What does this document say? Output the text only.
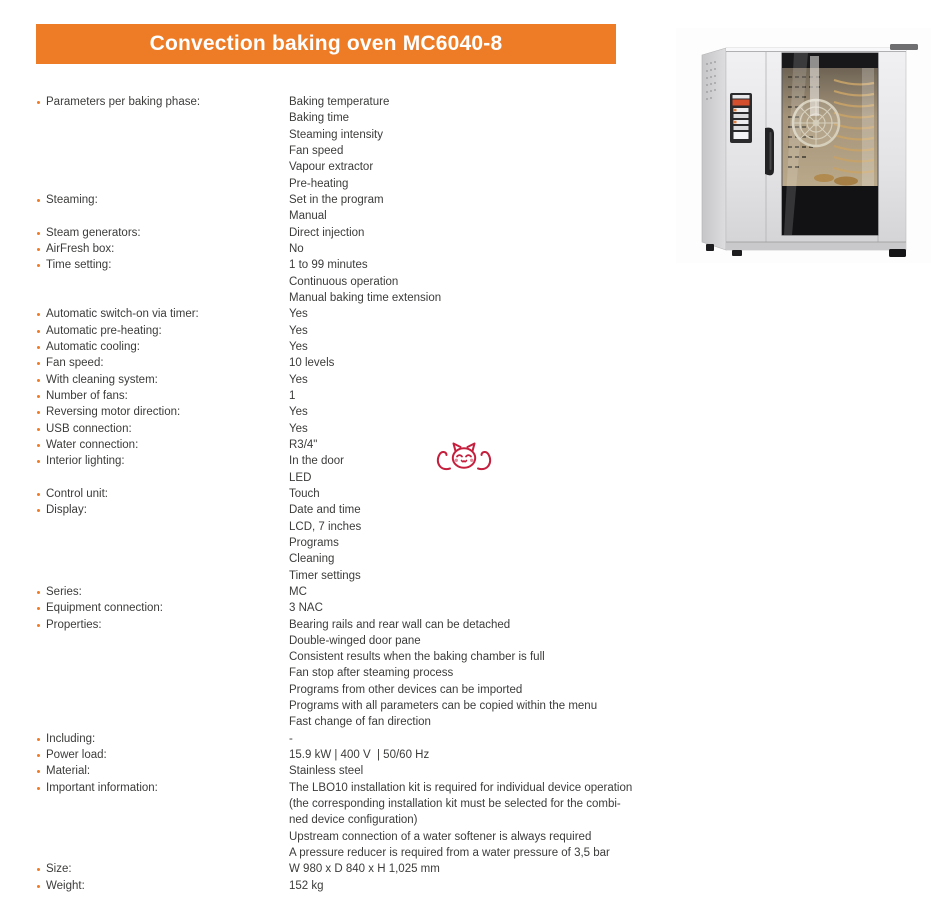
Convection baking oven MC6040-8
Parameters per baking phase:	Baking temperature
Baking time
Steaming intensity
Fan speed
Vapour extractor
Pre-heating
Steaming:	Set in the program
Manual
Steam generators:	Direct injection
AirFresh box:	No
Time setting:	1 to 99 minutes
Continuous operation
Manual baking time extension
Automatic switch-on via timer:	Yes
Automatic pre-heating:	Yes
Automatic cooling:	Yes
Fan speed:	10 levels
With cleaning system:	Yes
Number of fans:	1
Reversing motor direction:	Yes
USB connection:	Yes
Water connection:	R3/4"
Interior lighting:	In the door
LED
Control unit:	Touch
Display:	Date and time
LCD, 7 inches
Programs
Cleaning
Timer settings
Series:	MC
Equipment connection:	3 NAC
Properties:	Bearing rails and rear wall can be detached
Double-winged door pane
Consistent results when the baking chamber is full
Fan stop after steaming process
Programs from other devices can be imported
Programs with all parameters can be copied within the menu
Fast change of fan direction
Including:	-
Power load:	15.9 kW | 400 V  | 50/60 Hz
Material:	Stainless steel
Important information:	The LBO10 installation kit is required for individual device operation
(the corresponding installation kit must be selected for the combi-
ned device configuration)
Upstream connection of a water softener is always required
A pressure reducer is required from a water pressure of 3,5 bar
Size:	W 980 x D 840 x H 1,025 mm
Weight:	152 kg
